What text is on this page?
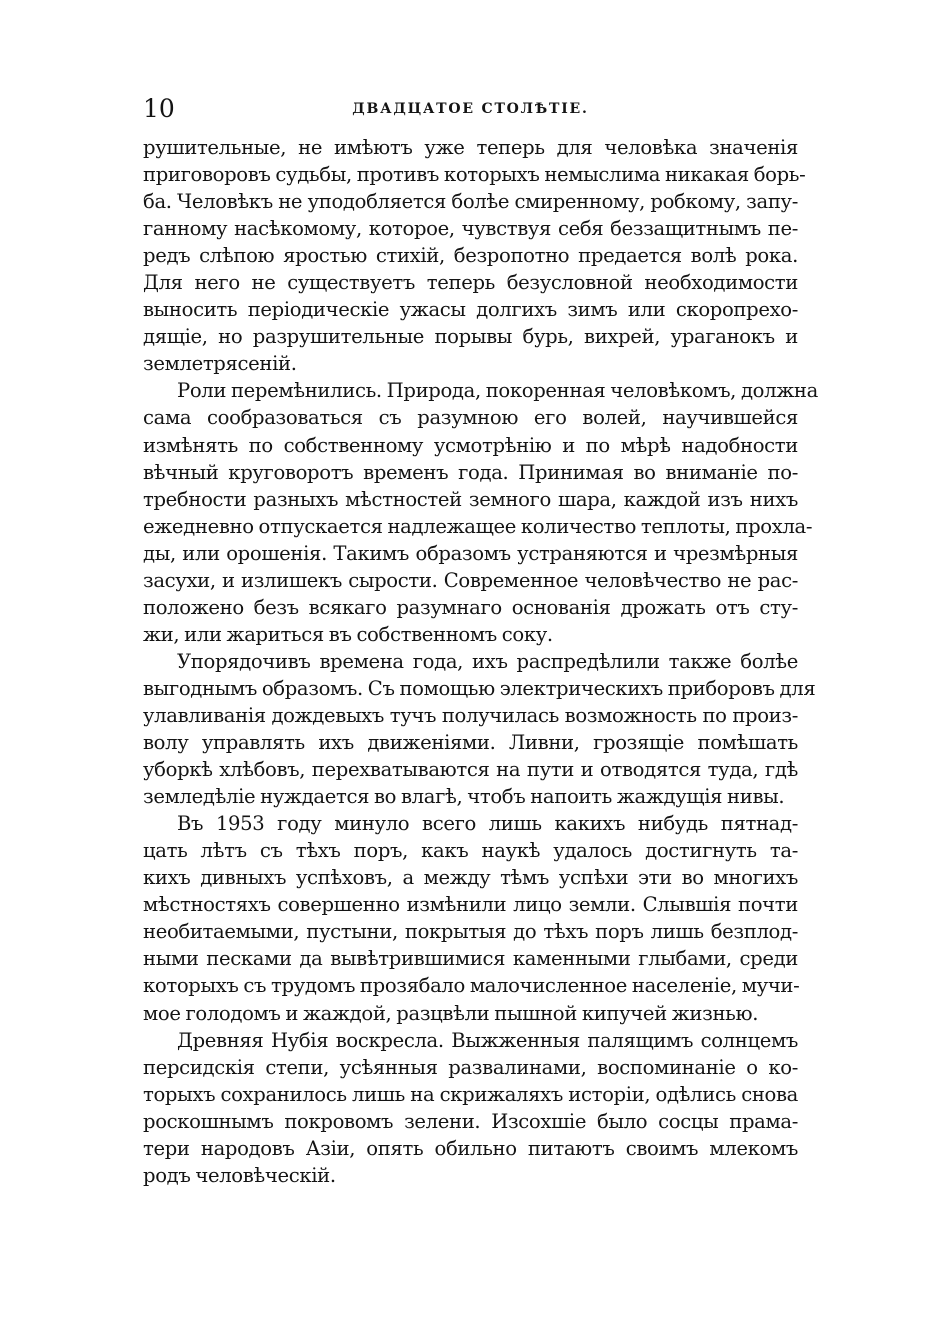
10	ДВАДЦАТОЕ СТОЛѢТІЕ.
рушительные, не имѣютъ уже теперь для человѣка значенія
приговоровъ судьбы, противъ которыхъ немыслима никакая борь-
ба. Человѣкъ не уподобляется болѣе смиренному, робкому, запу-
ганному насѣкомому, которое, чувствуя себя беззащитнымъ пе-
редъ слѣпою яростью стихій, безропотно предается волѣ рока.
Для него не существуетъ теперь безусловной необходимости
выносить періодическіе ужасы долгихъ зимъ или скоропрехо-
дящіе, но разрушительные порывы бурь, вихрей, ураганокъ и
землетрясеній.
Роли перемѣнились. Природа, покоренная человѣкомъ, должна
сама сообразоваться съ разумною его волей, научившейся
измѣнять по собственному усмотрѣнію и по мѣрѣ надобности
вѣчный круговоротъ временъ года. Принимая во вниманіе по-
требности разныхъ мѣстностей земного шара, каждой изъ нихъ
ежедневно отпускается надлежащее количество теплоты, прохла-
ды, или орошенія. Такимъ образомъ устраняются и чрезмѣрныя
засухи, и излишекъ сырости. Современное человѣчество не рас-
положено безъ всякаго разумнаго основанія дрожать отъ сту-
жи, или жариться въ собственномъ соку.
Упорядочивъ времена года, ихъ распредѣлили также болѣе
выгоднымъ образомъ. Съ помощью электрическихъ приборовъ для
улавливанія дождевыхъ тучъ получилась возможность по произ-
волу управлять ихъ движеніями. Ливни, грозящіе помѣшать
уборкѣ хлѣбовъ, перехватываются на пути и отводятся туда, гдѣ
земледѣліе нуждается во влагѣ, чтобъ напоить жаждущія нивы.
Въ 1953 году минуло всего лишь какихъ нибудь пятнад-
цать лѣтъ съ тѣхъ поръ, какъ наукѣ удалось достигнуть та-
кихъ дивныхъ успѣховъ, а между тѣмъ успѣхи эти во многихъ
мѣстностяхъ совершенно измѣнили лицо земли. Слывшія почти
необитаемыми, пустыни, покрытыя до тѣхъ поръ лишь безплод-
ными песками да вывѣтрившимися каменными глыбами, среди
которыхъ съ трудомъ прозябало малочисленное населеніе, мучи-
мое голодомъ и жаждой, разцвѣли пышной кипучей жизнью.
Древняя Нубія воскресла. Выжженныя палящимъ солнцемъ
персидскія степи, усѣянныя развалинами, воспоминаніе о ко-
торыхъ сохранилось лишь на скрижаляхъ исторіи, одѣлись снова
роскошнымъ покровомъ зелени. Изсохшіе было сосцы прама-
тери народовъ Азіи, опять обильно питаютъ своимъ млекомъ
родъ человѣческій.
